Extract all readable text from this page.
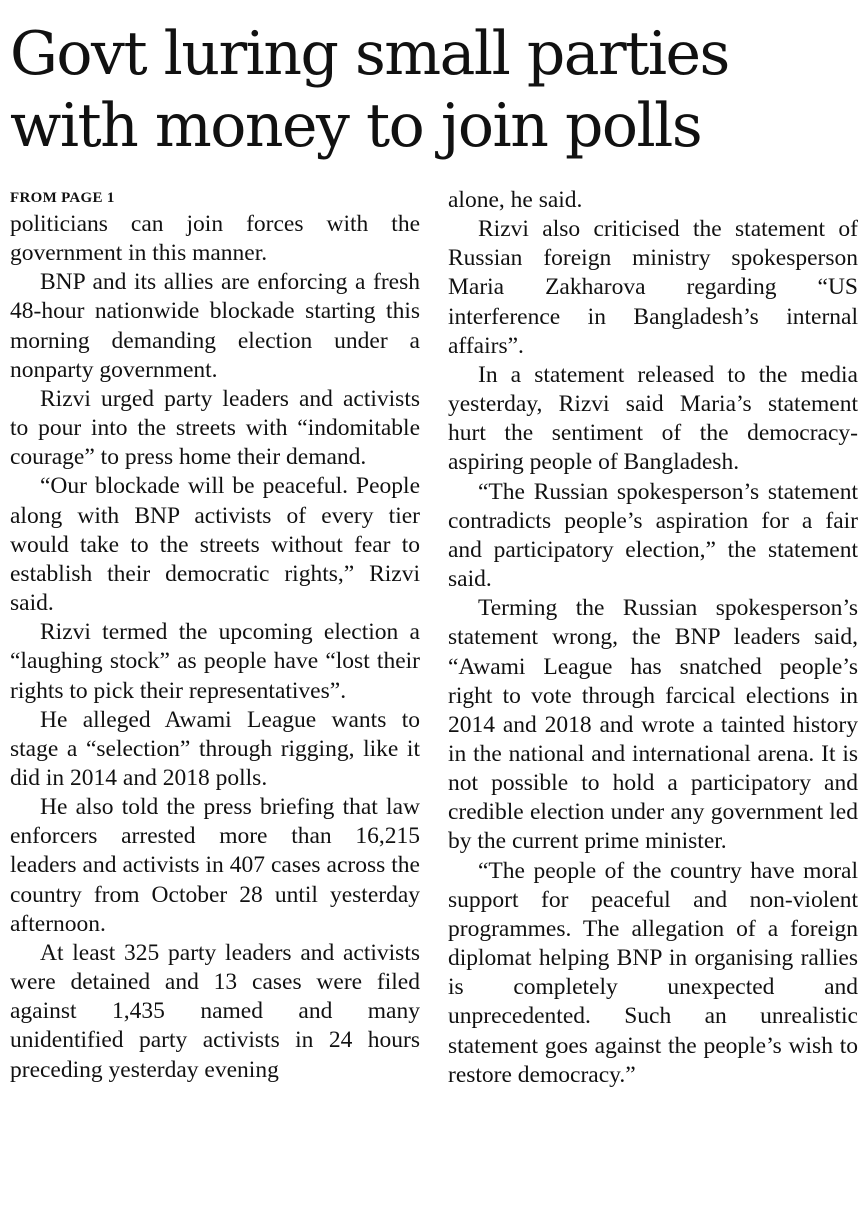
Govt luring small parties with money to join polls

FROM PAGE 1

politicians can join forces with the government in this manner.

BNP and its allies are enforcing a fresh 48-hour nationwide blockade starting this morning demanding election under a nonparty government.

Rizvi urged party leaders and activists to pour into the streets with “indomitable courage” to press home their demand.

“Our blockade will be peaceful. People along with BNP activists of every tier would take to the streets without fear to establish their democratic rights,” Rizvi said.

Rizvi termed the upcoming election a “laughing stock” as people have “lost their rights to pick their representatives”.

He alleged Awami League wants to stage a “selection” through rigging, like it did in 2014 and 2018 polls.

He also told the press briefing that law enforcers arrested more than 16,215 leaders and activists in 407 cases across the country from October 28 until yesterday afternoon.

At least 325 party leaders and activists were detained and 13 cases were filed against 1,435 named and many unidentified party activists in 24 hours preceding yesterday evening

alone, he said.

Rizvi also criticised the statement of Russian foreign ministry spokesperson Maria Zakharova regarding “US interference in Bangladesh’s internal affairs”.

In a statement released to the media yesterday, Rizvi said Maria’s statement hurt the sentiment of the democracy-aspiring people of Bangladesh.

“The Russian spokesperson’s statement contradicts people’s aspiration for a fair and participatory election,” the statement said.

Terming the Russian spokesperson’s statement wrong, the BNP leaders said, “Awami League has snatched people’s right to vote through farcical elections in 2014 and 2018 and wrote a tainted history in the national and international arena. It is not possible to hold a participatory and credible election under any government led by the current prime minister.

“The people of the country have moral support for peaceful and non-violent programmes. The allegation of a foreign diplomat helping BNP in organising rallies is completely unexpected and unprecedented. Such an unrealistic statement goes against the people’s wish to restore democracy.”
